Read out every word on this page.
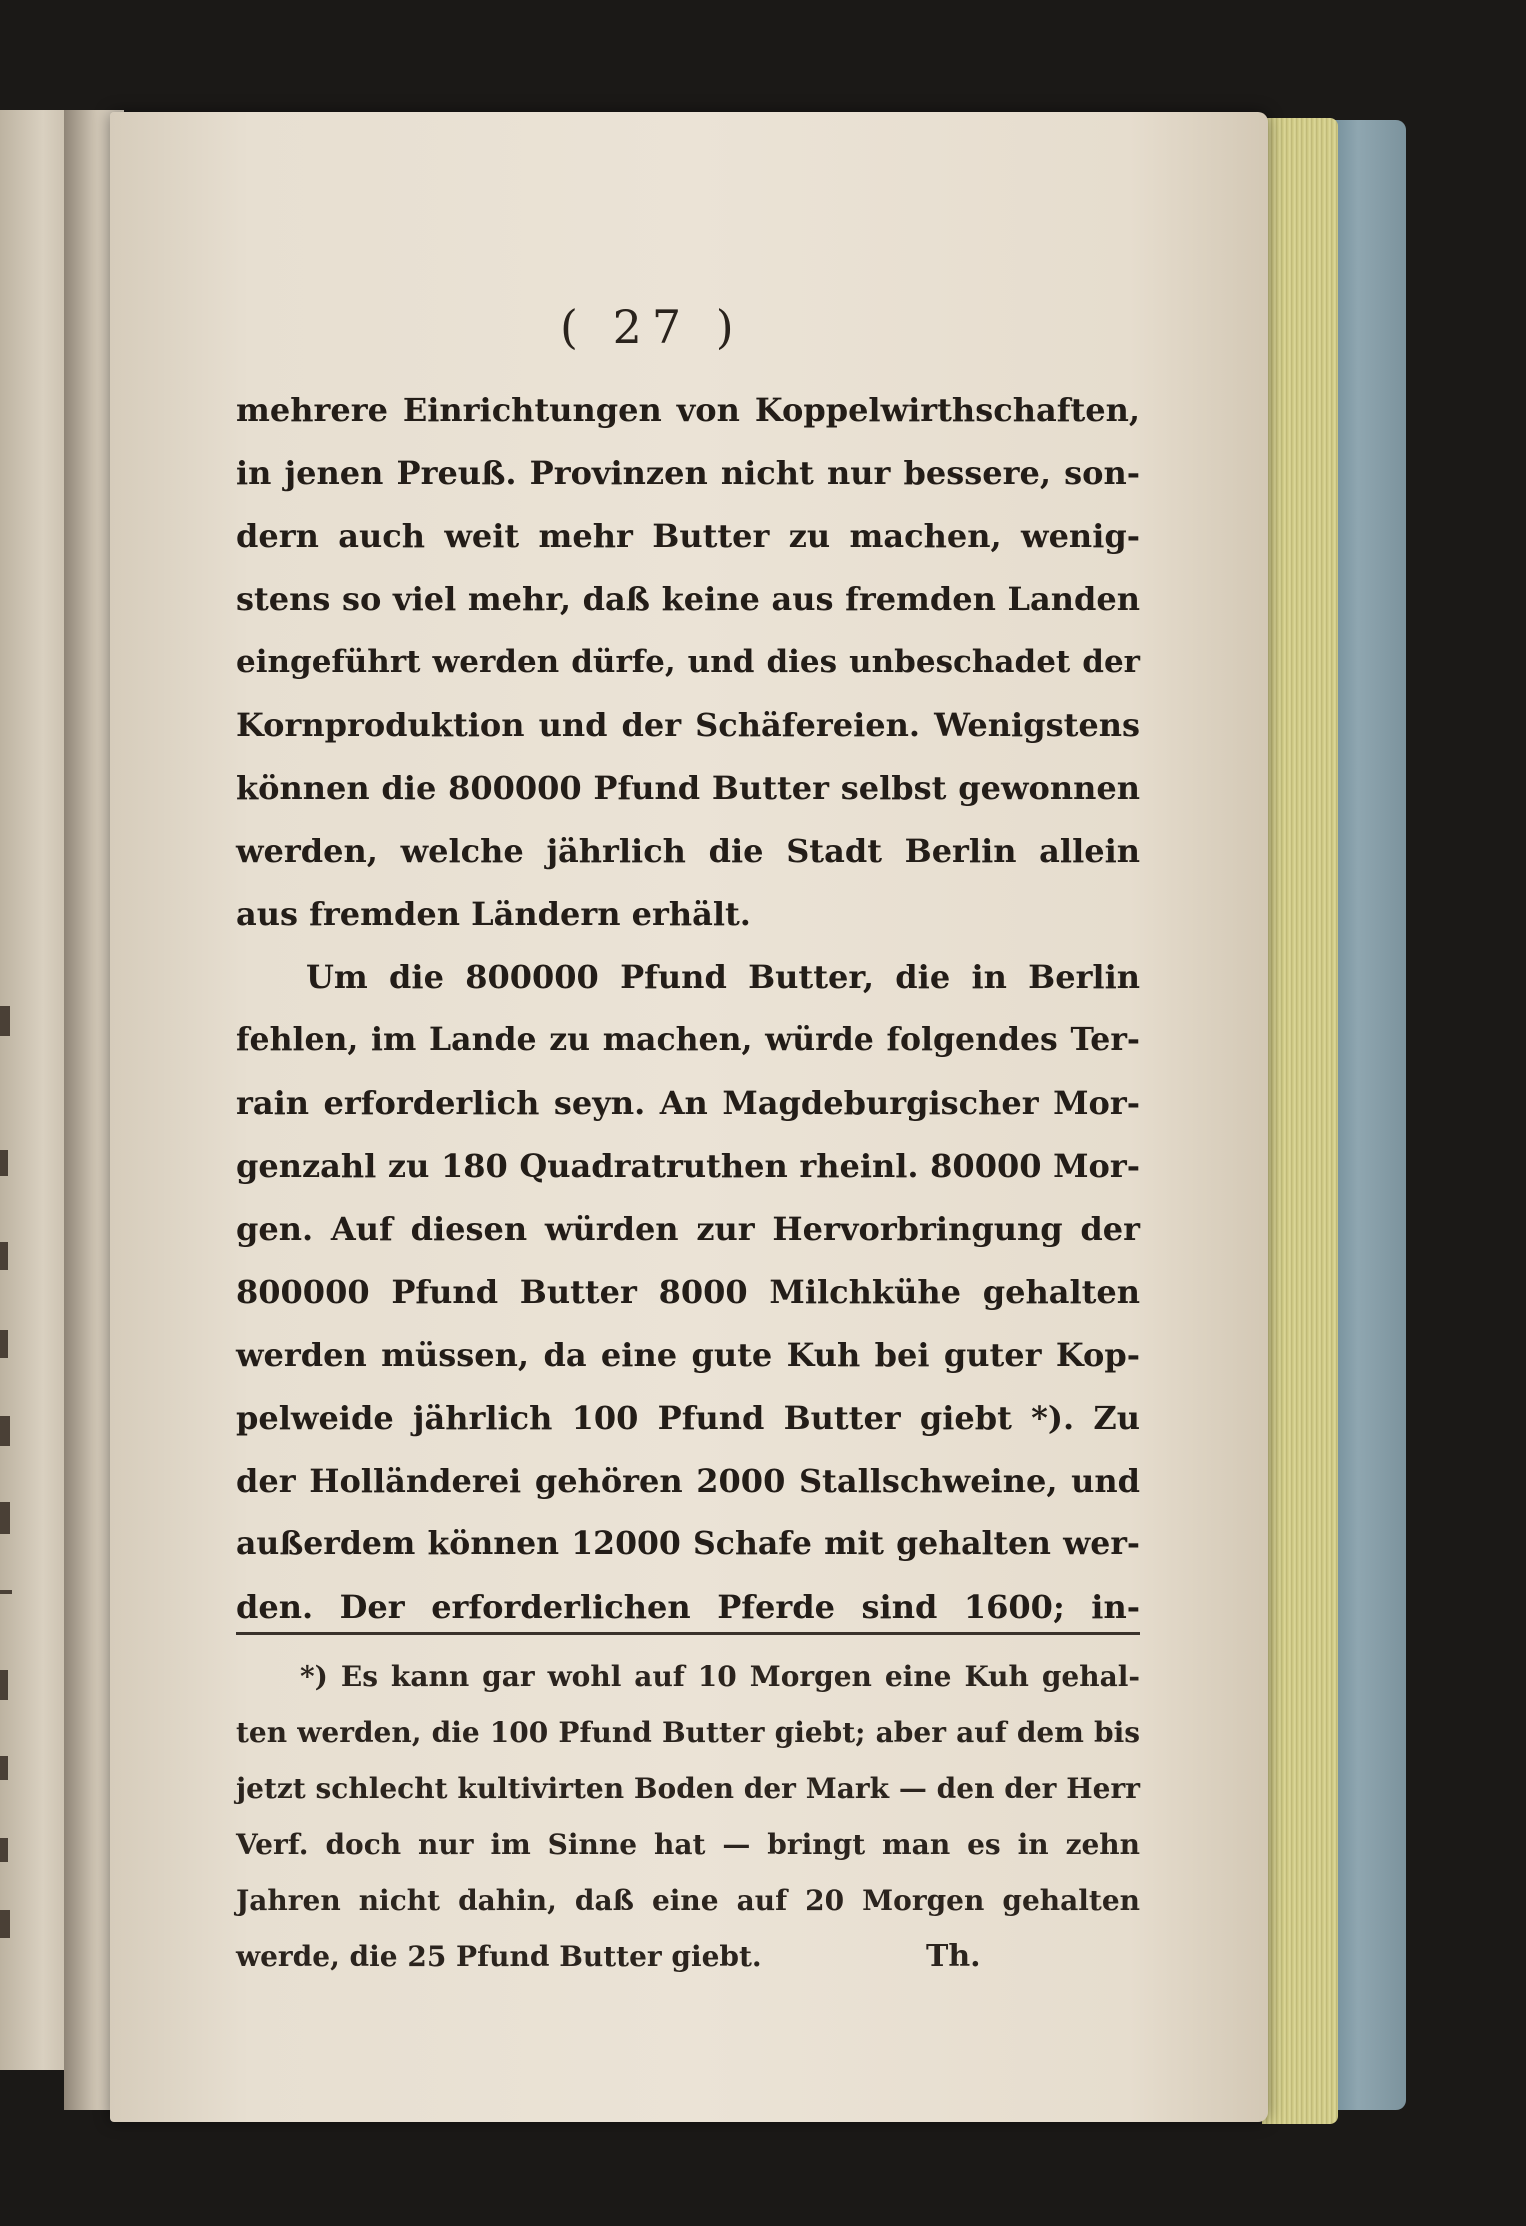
( 27 )
mehrere Einrichtungen von Koppelwirthschaften,
in jenen Preuß. Provinzen nicht nur bessere, son-
dern auch weit mehr Butter zu machen, wenig-
stens so viel mehr, daß keine aus fremden Landen
eingeführt werden dürfe, und dies unbeschadet der
Kornproduktion und der Schäfereien. Wenigstens
können die 800000 Pfund Butter selbst gewonnen
werden, welche jährlich die Stadt Berlin allein
aus fremden Ländern erhält.
Um die 800000 Pfund Butter, die in Berlin
fehlen, im Lande zu machen, würde folgendes Ter-
rain erforderlich seyn. An Magdeburgischer Mor-
genzahl zu 180 Quadratruthen rheinl. 80000 Mor-
gen. Auf diesen würden zur Hervorbringung der
800000 Pfund Butter 8000 Milchkühe gehalten
werden müssen, da eine gute Kuh bei guter Kop-
pelweide jährlich 100 Pfund Butter giebt *). Zu
der Holländerei gehören 2000 Stallschweine, und
außerdem können 12000 Schafe mit gehalten wer-
den. Der erforderlichen Pferde sind 1600; in-
*) Es kann gar wohl auf 10 Morgen eine Kuh gehal-
ten werden, die 100 Pfund Butter giebt; aber auf dem bis
jetzt schlecht kultivirten Boden der Mark — den der Herr
Verf. doch nur im Sinne hat — bringt man es in zehn
Jahren nicht dahin, daß eine auf 20 Morgen gehalten
werde, die 25 Pfund Butter giebt.	Th.
